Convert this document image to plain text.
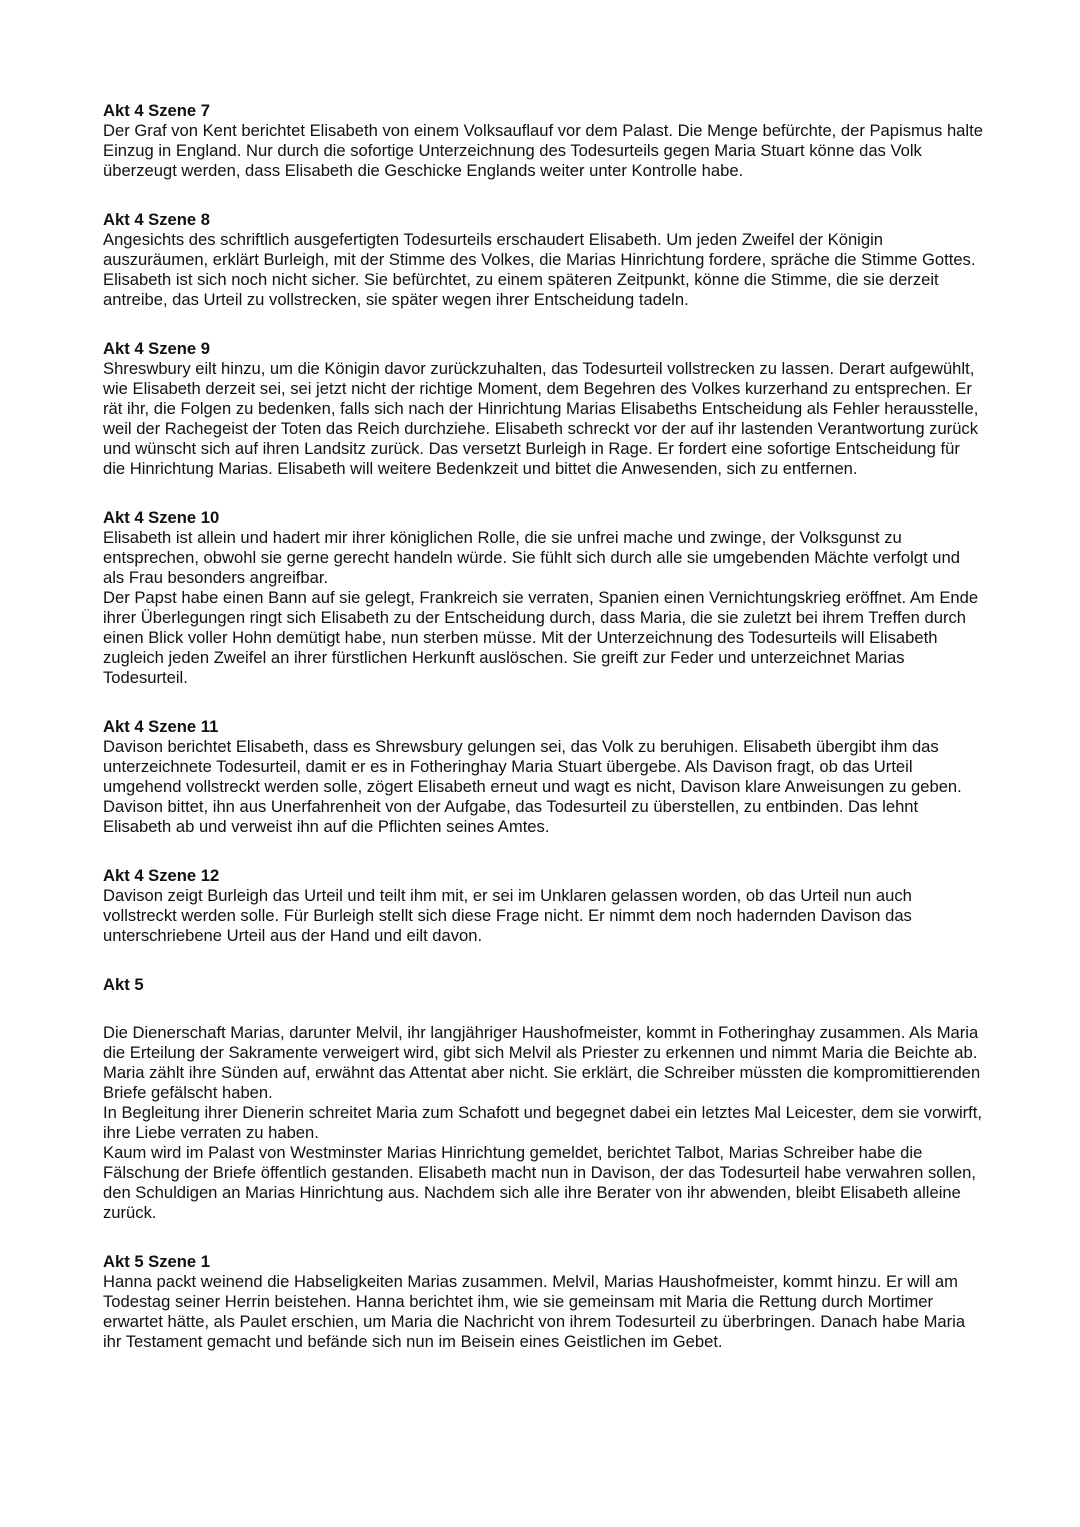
Akt 4 Szene 7

Der Graf von Kent berichtet Elisabeth von einem Volksauflauf vor dem Palast. Die Menge befürchte, der Papismus halte Einzug in England. Nur durch die sofortige Unterzeichnung des Todesurteils gegen Maria Stuart könne das Volk überzeugt werden, dass Elisabeth die Geschicke Englands weiter unter Kontrolle habe.

Akt 4 Szene 8

Angesichts des schriftlich ausgefertigten Todesurteils erschaudert Elisabeth. Um jeden Zweifel der Königin auszuräumen, erklärt Burleigh, mit der Stimme des Volkes, die Marias Hinrichtung fordere, spräche die Stimme Gottes. Elisabeth ist sich noch nicht sicher. Sie befürchtet, zu einem späteren Zeitpunkt, könne die Stimme, die sie derzeit antreibe, das Urteil zu vollstrecken, sie später wegen ihrer Entscheidung tadeln.

Akt 4 Szene 9

Shreswbury eilt hinzu, um die Königin davor zurückzuhalten, das Todesurteil vollstrecken zu lassen. Derart aufgewühlt, wie Elisabeth derzeit sei, sei jetzt nicht der richtige Moment, dem Begehren des Volkes kurzerhand zu entsprechen. Er rät ihr, die Folgen zu bedenken, falls sich nach der Hinrichtung Marias Elisabeths Entscheidung als Fehler herausstelle, weil der Rachegeist der Toten das Reich durchziehe. Elisabeth schreckt vor der auf ihr lastenden Verantwortung zurück und wünscht sich auf ihren Landsitz zurück. Das versetzt Burleigh in Rage. Er fordert eine sofortige Entscheidung für die Hinrichtung Marias. Elisabeth will weitere Bedenkzeit und bittet die Anwesenden, sich zu entfernen.

Akt 4 Szene 10

Elisabeth ist allein und hadert mir ihrer königlichen Rolle, die sie unfrei mache und zwinge, der Volksgunst zu entsprechen, obwohl sie gerne gerecht handeln würde. Sie fühlt sich durch alle sie umgebenden Mächte verfolgt und als Frau besonders angreifbar.

Der Papst habe einen Bann auf sie gelegt, Frankreich sie verraten, Spanien einen Vernichtungskrieg eröffnet. Am Ende ihrer Überlegungen ringt sich Elisabeth zu der Entscheidung durch, dass Maria, die sie zuletzt bei ihrem Treffen durch einen Blick voller Hohn demütigt habe, nun sterben müsse. Mit der Unterzeichnung des Todesurteils will Elisabeth zugleich jeden Zweifel an ihrer fürstlichen Herkunft auslöschen. Sie greift zur Feder und unterzeichnet Marias Todesurteil.

Akt 4 Szene 11

Davison berichtet Elisabeth, dass es Shrewsbury gelungen sei, das Volk zu beruhigen. Elisabeth übergibt ihm das unterzeichnete Todesurteil, damit er es in Fotheringhay Maria Stuart übergebe. Als Davison fragt, ob das Urteil umgehend vollstreckt werden solle, zögert Elisabeth erneut und wagt es nicht, Davison klare Anweisungen zu geben. Davison bittet, ihn aus Unerfahrenheit von der Aufgabe, das Todesurteil zu überstellen, zu entbinden. Das lehnt Elisabeth ab und verweist ihn auf die Pflichten seines Amtes.

Akt 4 Szene 12

Davison zeigt Burleigh das Urteil und teilt ihm mit, er sei im Unklaren gelassen worden, ob das Urteil nun auch vollstreckt werden solle. Für Burleigh stellt sich diese Frage nicht. Er nimmt dem noch hadernden Davison das unterschriebene Urteil aus der Hand und eilt davon.

Akt 5

Die Dienerschaft Marias, darunter Melvil, ihr langjähriger Haushofmeister, kommt in Fotheringhay zusammen. Als Maria die Erteilung der Sakramente verweigert wird, gibt sich Melvil als Priester zu erkennen und nimmt Maria die Beichte ab. Maria zählt ihre Sünden auf, erwähnt das Attentat aber nicht. Sie erklärt, die Schreiber müssten die kompromittierenden Briefe gefälscht haben.

In Begleitung ihrer Dienerin schreitet Maria zum Schafott und begegnet dabei ein letztes Mal Leicester, dem sie vorwirft, ihre Liebe verraten zu haben.

Kaum wird im Palast von Westminster Marias Hinrichtung gemeldet, berichtet Talbot, Marias Schreiber habe die Fälschung der Briefe öffentlich gestanden. Elisabeth macht nun in Davison, der das Todesurteil habe verwahren sollen, den Schuldigen an Marias Hinrichtung aus. Nachdem sich alle ihre Berater von ihr abwenden, bleibt Elisabeth alleine zurück.

Akt 5 Szene 1

Hanna packt weinend die Habseligkeiten Marias zusammen. Melvil, Marias Haushofmeister, kommt hinzu. Er will am Todestag seiner Herrin beistehen. Hanna berichtet ihm, wie sie gemeinsam mit Maria die Rettung durch Mortimer erwartet hätte, als Paulet erschien, um Maria die Nachricht von ihrem Todesurteil zu überbringen. Danach habe Maria ihr Testament gemacht und befände sich nun im Beisein eines Geistlichen im Gebet.
